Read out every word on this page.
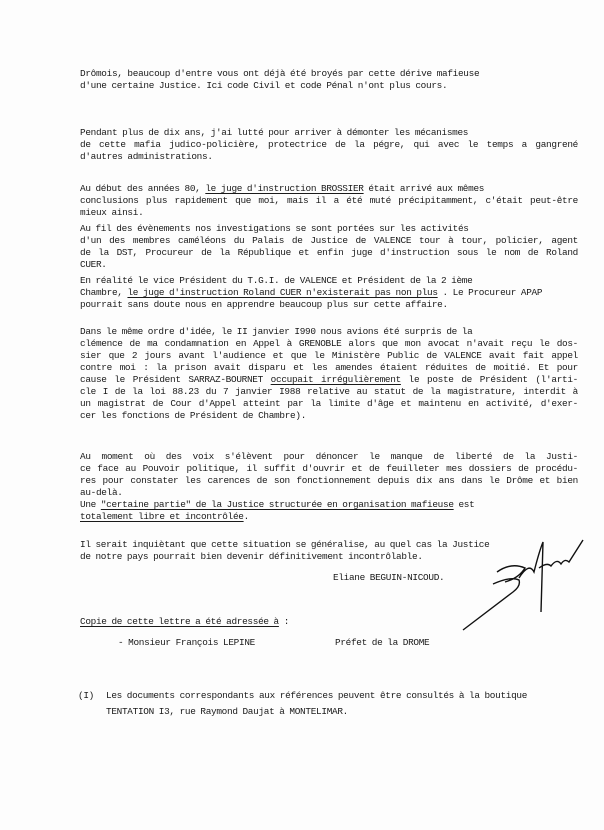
Drômois, beaucoup d'entre vous ont déjà été broyés par cette dérive mafieuse
d'une certaine Justice. Ici code Civil et code Pénal n'ont plus cours.
Pendant plus de dix ans, j'ai lutté pour arriver à démonter les mécanismes
de cette mafia judico-policière, protectrice de la pégre, qui avec le temps a gangrené
d'autres administrations.
Au début des années 80, le juge d'instruction BROSSIER était arrivé aux mêmes
conclusions plus rapidement que moi, mais il a été muté précipitamment, c'était peut-être
mieux ainsi.
Au fil des évènements nos investigations se sont portées sur les activités
d'un des membres caméléons du Palais de Justice de VALENCE tour à tour, policier, agent
de la DST, Procureur de la République et enfin juge d'instruction sous le nom de Roland
CUER.
En réalité le vice Président du T.G.I. de VALENCE et Président de la 2 ième
Chambre, le juge d'instruction Roland CUER n'existerait pas non plus . Le Procureur APAP
pourrait sans doute nous en apprendre beaucoup plus sur cette affaire.
Dans le même ordre d'idée, le II janvier I990 nous avions été surpris de la
clémence de ma condamnation en Appel à GRENOBLE alors que mon avocat n'avait reçu le dos-
sier que 2 jours avant l'audience et que le Ministère Public de VALENCE avait fait appel
contre moi : la prison avait disparu et les amendes étaient réduites de moitié. Et pour
cause le Président SARRAZ-BOURNET occupait irrégulièrement le poste de Président (l'arti-
cle I de la loi 88.23 du 7 janvier I988 relative au statut de la magistrature, interdit à
un magistrat de Cour d'Appel atteint par la limite d'âge et maintenu en activité, d'exer-
cer les fonctions de Président de Chambre).
Au moment où des voix s'élèvent pour dénoncer le manque de liberté de la Justi-
ce face au Pouvoir politique, il suffit d'ouvrir et de feuilleter mes dossiers de procédu-
res pour constater les carences de son fonctionnement depuis dix ans dans le Drôme et bien
au-delà.
Une "certaine partie" de la Justice structurée en organisation mafieuse est
totalement libre et incontrôlée.
Il serait inquiètant que cette situation se généralise, au quel cas la Justice
de notre pays pourrait bien devenir définitivement incontrôlable.
Eliane BEGUIN-NICOUD.
Copie de cette lettre a été adressée à :
- Monsieur François LEPINE	Préfet de la DROME
(I) Les documents correspondants aux références peuvent être consultés à la boutique
TENTATION I3, rue Raymond Daujat à MONTELIMAR.
